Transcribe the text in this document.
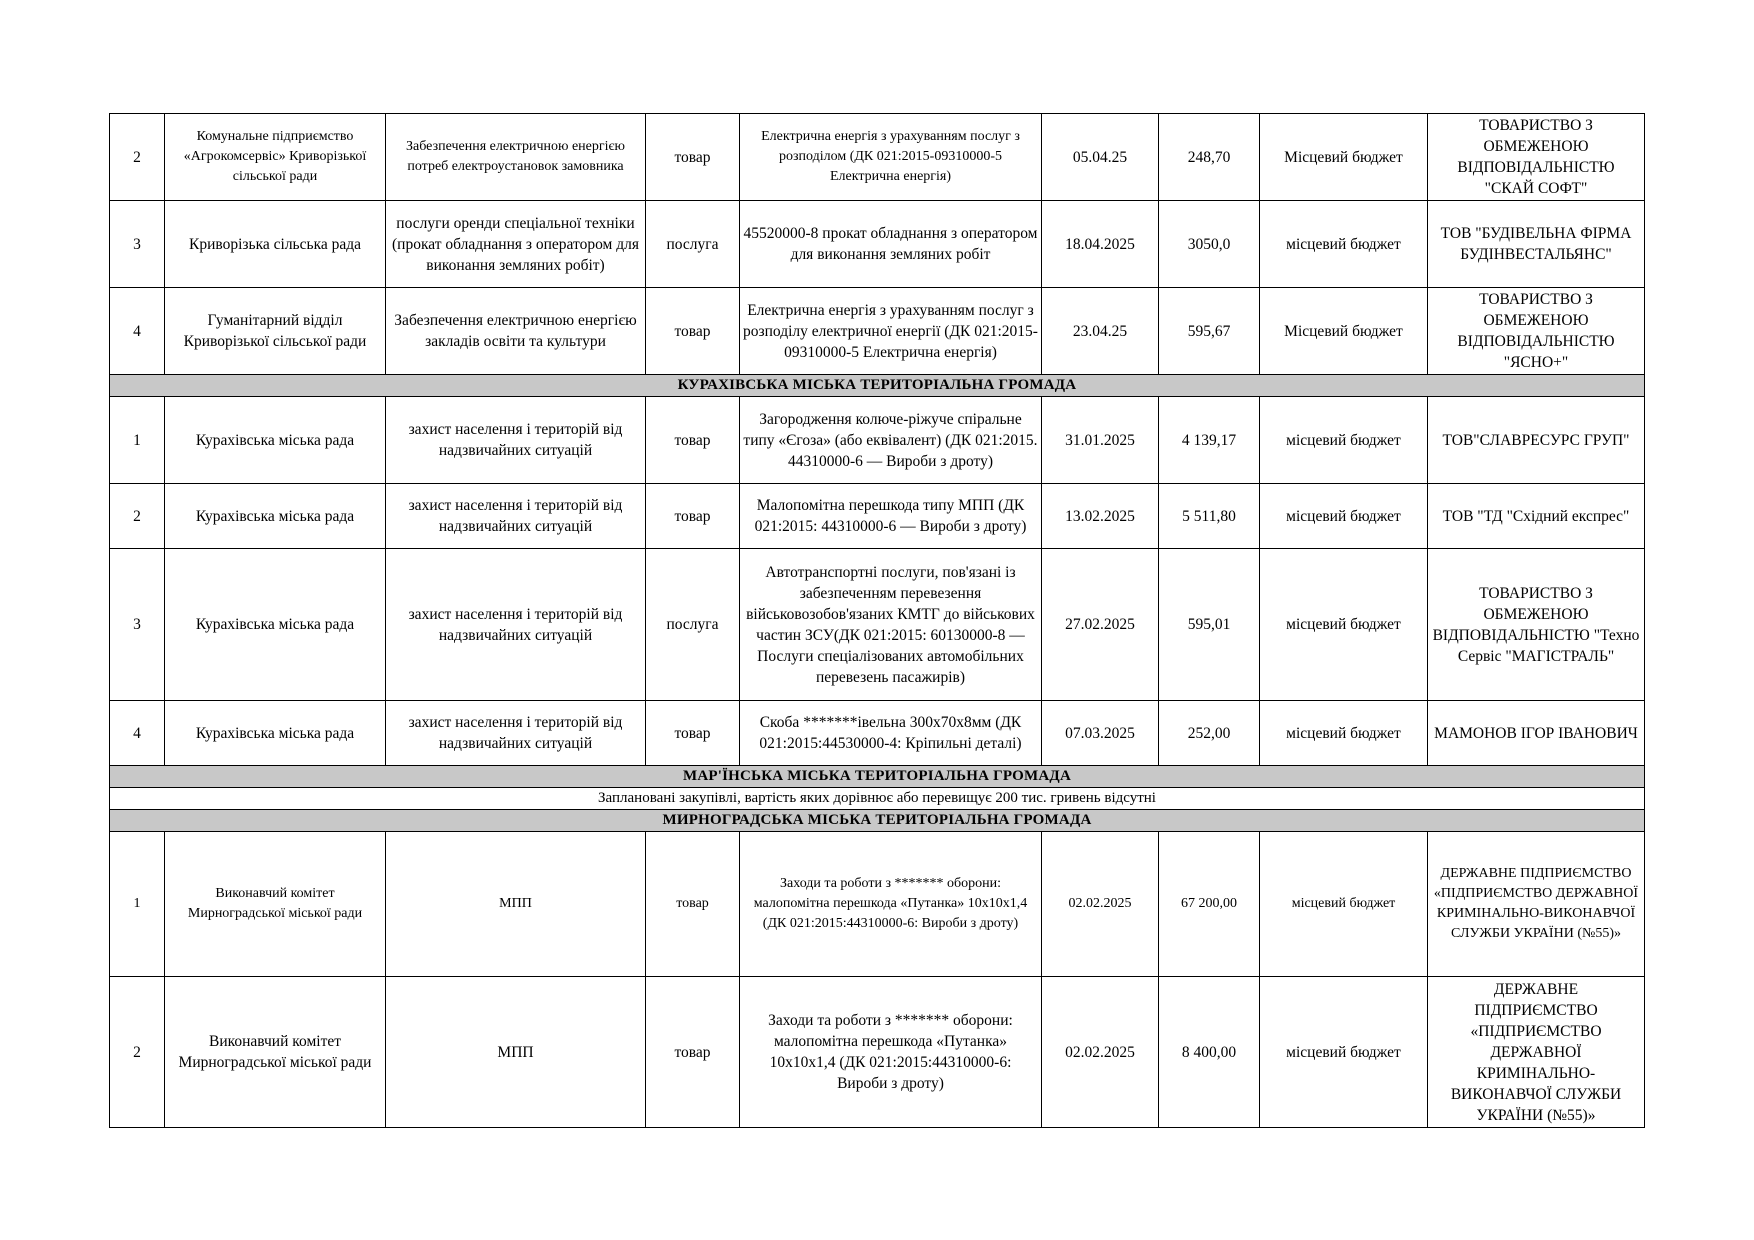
2	Комунальне підприємство «Агрокомсервіс» Криворізької сільської ради	Забезпечення електричною енергією потреб електроустановок замовника	товар	Електрична енергія з урахуванням послуг з розподілом (ДК 021:2015-09310000-5 Електрична енергія)	05.04.25	248,70	Місцевий бюджет	ТОВАРИСТВО З ОБМЕЖЕНОЮ ВІДПОВІДАЛЬНІСТЮ "СКАЙ СОФТ"
3	Криворізька сільська рада	послуги оренди спеціальної техніки (прокат обладнання з оператором для виконання земляних робіт)	послуга	45520000-8 прокат обладнання з оператором для виконання земляних робіт	18.04.2025	3050,0	місцевий бюджет	ТОВ "БУДІВЕЛЬНА ФІРМА БУДІНВЕСТАЛЬЯНС"
4	Гуманітарний відділ Криворізької сільської ради	Забезпечення електричною енергією закладів освіти та культури	товар	Електрична енергія з урахуванням послуг з розподілу електричної енергії (ДК 021:2015-09310000-5 Електрична енергія)	23.04.25	595,67	Місцевий бюджет	ТОВАРИСТВО З ОБМЕЖЕНОЮ ВІДПОВІДАЛЬНІСТЮ "ЯСНО+"
КУРАХІВСЬКА МІСЬКА ТЕРИТОРІАЛЬНА ГРОМАДА								
1	Курахівська міська рада	захист населення і територій від надзвичайних ситуацій	товар	Загородження колюче-ріжуче спіральне типу «Єгоза» (або еквівалент) (ДК 021:2015. 44310000-6 — Вироби з дроту)	31.01.2025	4 139,17	місцевий бюджет	ТОВ"СЛАВРЕСУРС ГРУП"
2	Курахівська міська рада	захист населення і територій від надзвичайних ситуацій	товар	Малопомітна перешкода типу МПП (ДК 021:2015: 44310000-6 — Вироби з дроту)	13.02.2025	5 511,80	місцевий бюджет	ТОВ "ТД "Східний експрес"
3	Курахівська міська рада	захист населення і територій від надзвичайних ситуацій	послуга	Автотранспортні послуги, пов'язані із забезпеченням перевезення військовозобов'язаних КМТГ до військових частин ЗСУ(ДК 021:2015: 60130000-8 — Послуги спеціалізованих автомобільних перевезень пасажирів)	27.02.2025	595,01	місцевий бюджет	ТОВАРИСТВО З ОБМЕЖЕНОЮ ВІДПОВІДАЛЬНІСТЮ "Техно Сервіс "МАГІСТРАЛЬ"
4	Курахівська міська рада	захист населення і територій від надзвичайних ситуацій	товар	Скоба *******івельна 300х70х8мм (ДК 021:2015:44530000-4: Кріпильні деталі)	07.03.2025	252,00	місцевий бюджет	МАМОНОВ ІГОР ІВАНОВИЧ
МАР'ЇНСЬКА МІСЬКА ТЕРИТОРІАЛЬНА ГРОМАДА								
Заплановані закупівлі, вартість яких дорівнює або перевищує 200 тис. гривень відсутні								
МИРНОГРАДСЬКА МІСЬКА ТЕРИТОРІАЛЬНА ГРОМАДА								
1	Виконавчий комітет Мирноградської міської ради	МПП	товар	Заходи та роботи з ******* оборони: малопомітна перешкода «Путанка» 10х10х1,4 (ДК 021:2015:44310000-6: Вироби з дроту)	02.02.2025	67 200,00	місцевий бюджет	ДЕРЖАВНЕ ПІДПРИЄМСТВО «ПІДПРИЄМСТВО ДЕРЖАВНОЇ КРИМІНАЛЬНО-ВИКОНАВЧОЇ СЛУЖБИ УКРАЇНИ (№55)»
2	Виконавчий комітет Мирноградської міської ради	МПП	товар	Заходи та роботи з ******* оборони: малопомітна перешкода «Путанка» 10х10х1,4 (ДК 021:2015:44310000-6: Вироби з дроту)	02.02.2025	8 400,00	місцевий бюджет	ДЕРЖАВНЕ ПІДПРИЄМСТВО «ПІДПРИЄМСТВО ДЕРЖАВНОЇ КРИМІНАЛЬНО-ВИКОНАВЧОЇ СЛУЖБИ УКРАЇНИ (№55)»
